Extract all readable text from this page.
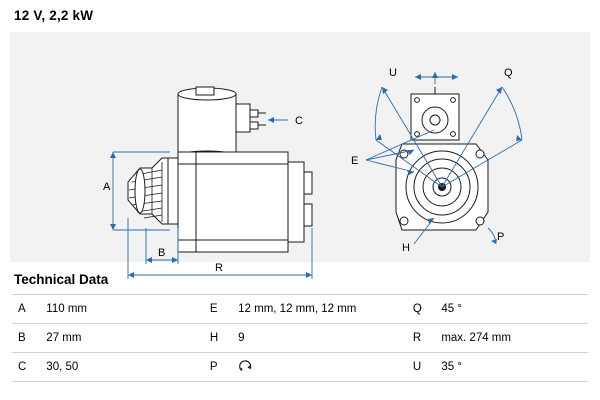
12 V, 2,2 kW
A
B
R
C
U	Q
E
H
P
Technical Data
A	110 mm		E	12 mm, 12 mm, 12 mm		Q	45 °
B	27 mm		H	9		R	max. 274 mm
C	30, 50		P			U	35 °
